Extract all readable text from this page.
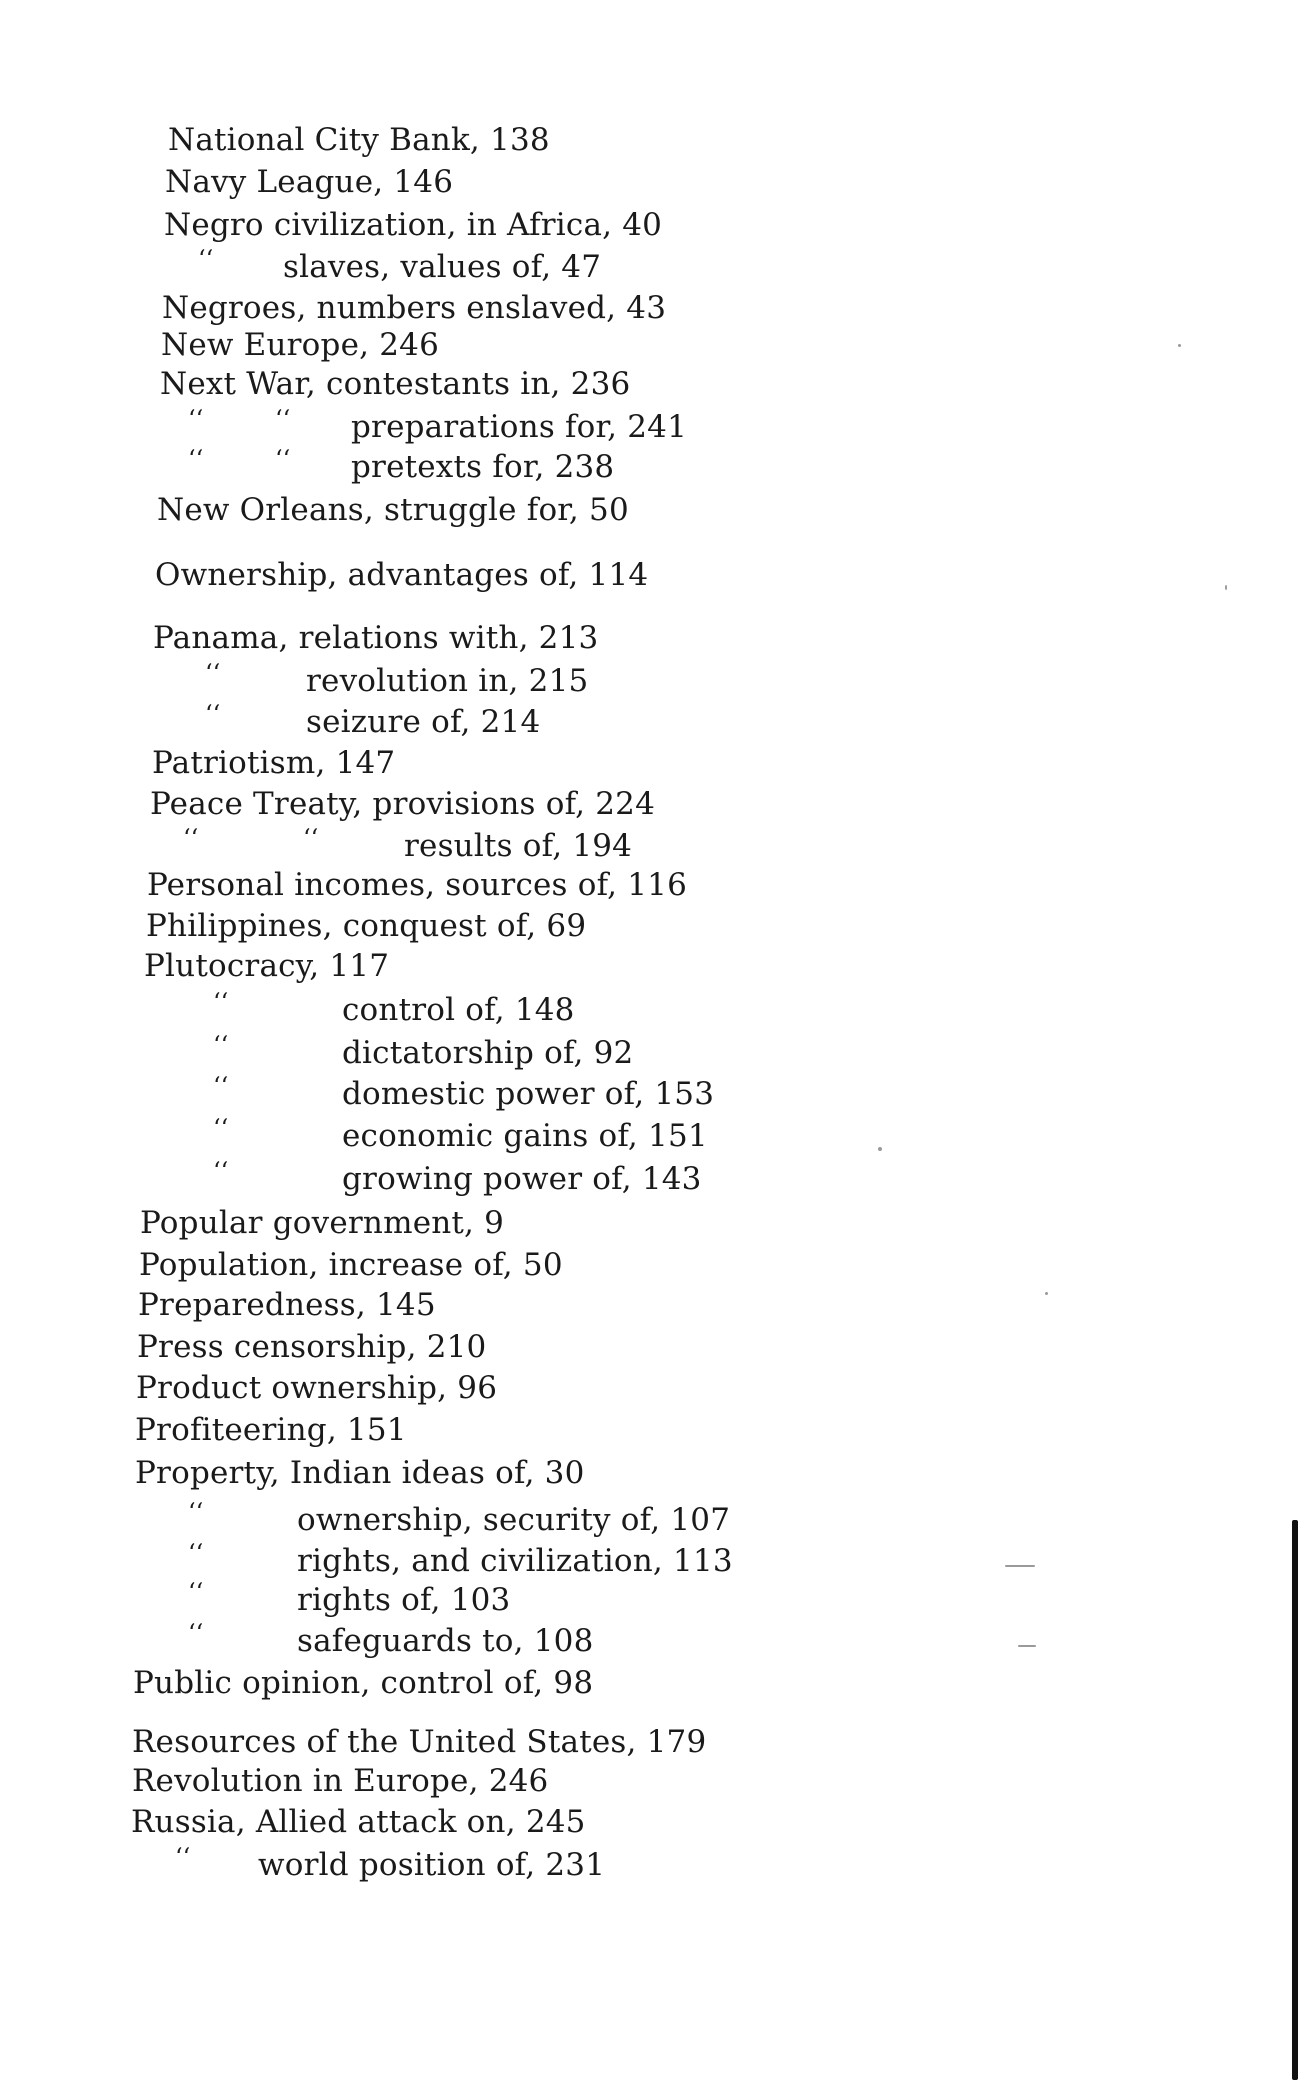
National City Bank, 138
Navy League, 146
Negro civilization, in Africa, 40
‘‘ slaves, values of, 47
Negroes, numbers enslaved, 43
New Europe, 246
Next War, contestants in, 236
‘‘	‘‘ preparations for, 241
‘‘	‘‘ pretexts for, 238
New Orleans, struggle for, 50
Ownership, advantages of, 114
Panama, relations with, 213
‘‘	revolution in, 215
‘‘	seizure of, 214
Patriotism, 147
Peace Treaty, provisions of, 224
‘‘	‘‘	results of, 194
Personal incomes, sources of, 116
Philippines, conquest of, 69
Plutocracy, 117
‘‘	control of, 148
‘‘	dictatorship of, 92
‘‘	domestic power of, 153
‘‘	economic gains of, 151
‘‘	growing power of, 143
Popular government, 9
Population, increase of, 50
Preparedness, 145
Press censorship, 210
Product ownership, 96
Profiteering, 151
Property, Indian ideas of, 30
‘‘	ownership, security of, 107
‘‘	rights, and civilization, 113
‘‘	rights of, 103
‘‘	safeguards to, 108
Public opinion, control of, 98
Resources of the United States, 179
Revolution in Europe, 246
Russia, Allied attack on, 245
‘‘ world position of, 231
